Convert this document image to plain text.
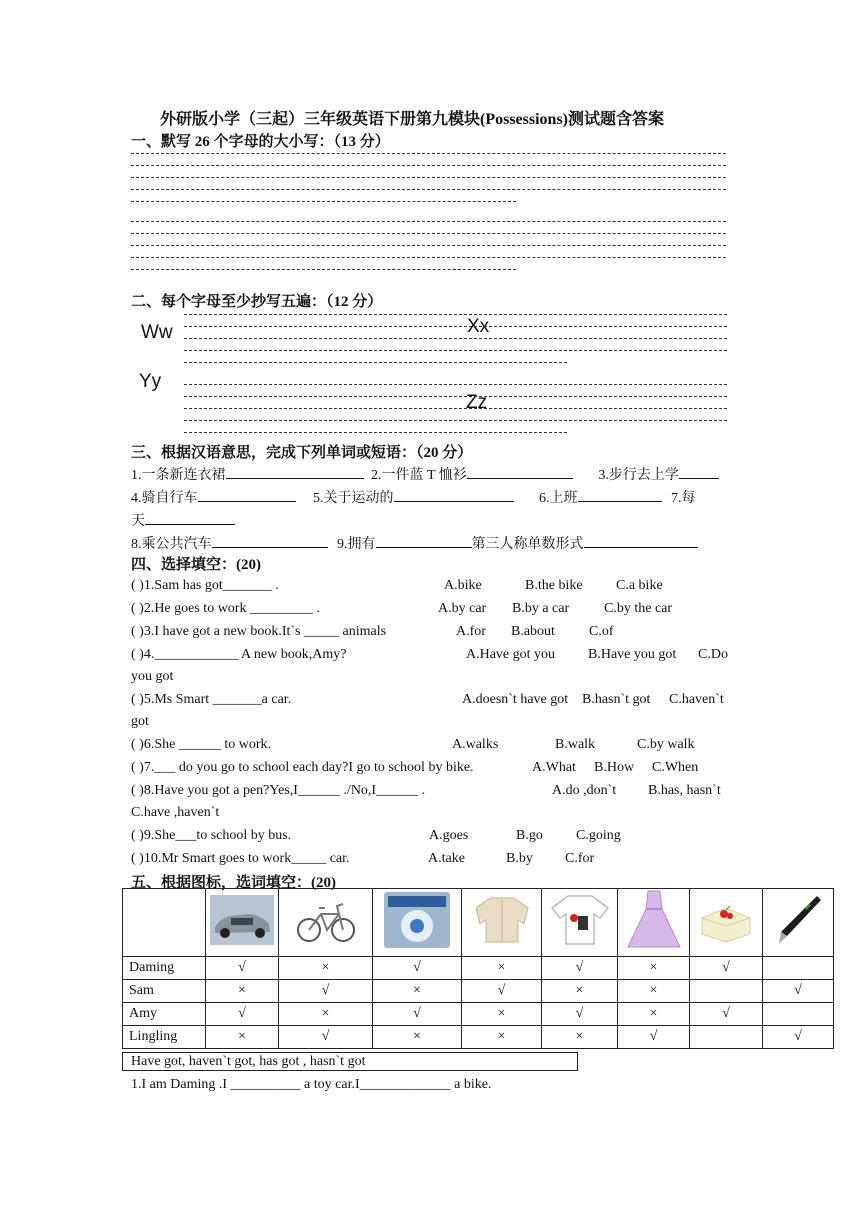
外研版小学（三起）三年级英语下册第九模块(Possessions)测试题含答案
一、默写 26 个字母的大小写：（13 分）
二、每个字母至少抄写五遍：（12 分）
Ww	Xx
Yy
Zz
三、根据汉语意思，完成下列单词或短语：（20 分）
1.一条新连衣裙	2.一件蓝 T 恤衫	3.步行去上学
4.骑自行车	5.关于运动的	6.上班	7.每
天
8.乘公共汽车	9.拥有	第三人称单数形式
四、选择填空：(20)
( )1.Sam has got_______ .	A.bike	B.the bike C.a bike
( )2.He goes to work _________ .	A.by car B.by a car C.by the car
( )3.I have got a new book.It`s _____ animals	A.for B.about C.of
( )4.____________ A new book,Amy?	A.Have got you B.Have you got C.Do
you got
( )5.Ms Smart _______a car.	A.doesn`t have got B.hasn`t got C.haven`t
got
( )6.She ______ to work.	A.walks	B.walk	C.by walk
( )7.___ do you go to school each day?I go to school by bike.	A.What B.How C.When
( )8.Have you got a pen?Yes,I______ ./No,I______ .	A.do ,don`t B.has, hasn`t
C.have ,haven`t
( )9.She___to school by bus.	A.goes	B.go C.going
( )10.Mr Smart goes to work_____ car.	A.take	B.by C.for
五、根据图标，选词填空：(20)

Daming	√	×	√	×	√	×	√	
Sam	×	√	×	√	×	×		√
Amy	√	×	√	×	√	×	√	
Lingling	×	√	×	×	×	√		√
Have got, haven`t got, has got , hasn`t got
1.I am Daming .I __________ a toy car.I_____________ a bike.
